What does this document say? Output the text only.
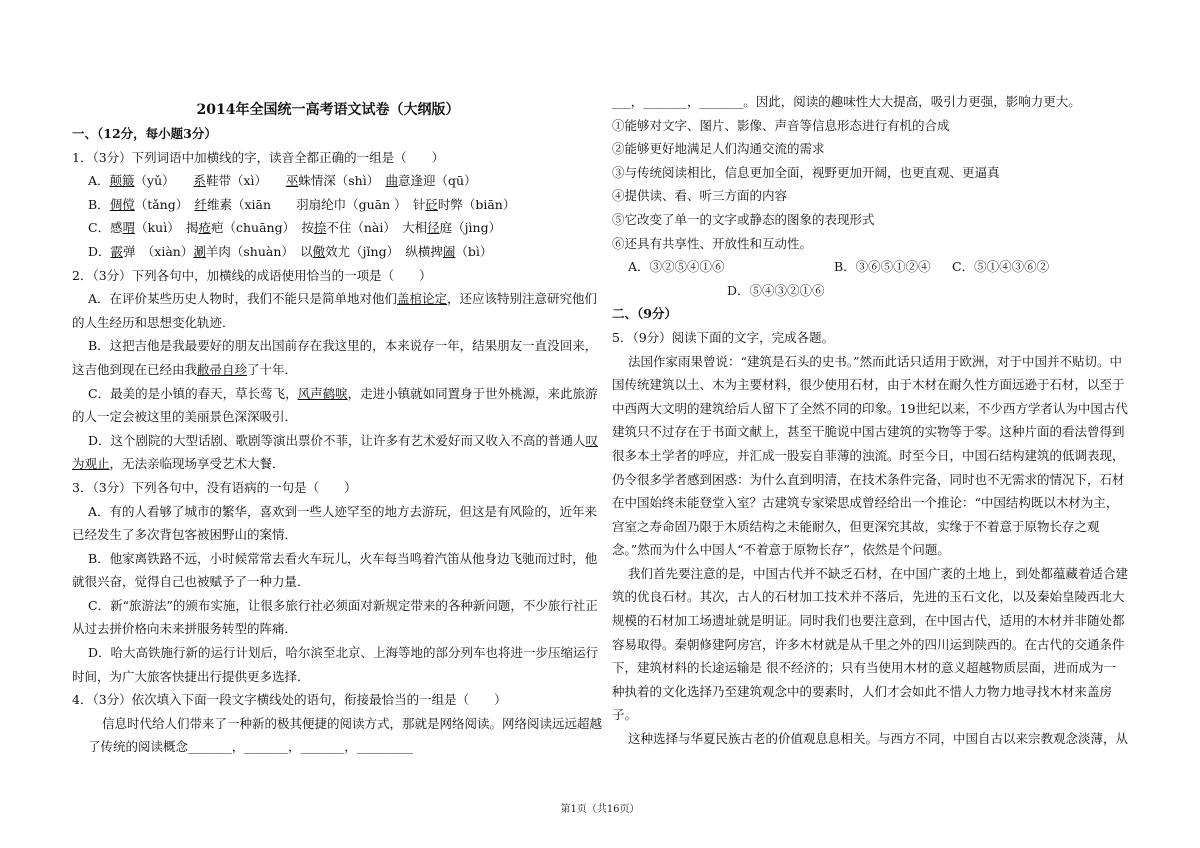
2014年全国统一高考语文试卷（大纲版）
一、（12分，每小题3分）
1．（3分）下列词语中加横线的字，读音全都正确的一组是（　　）
A．颠簸（yǔ）　　系鞋带（xì）　　巫蛛情深（shì）　曲意逢迎（qū）
B．倜傥（tǎng）　纤维素（xiān　　羽扇纶巾（guān ）　针砭时弊（biān）
C．感喟（kuì）　揭疮疤（chuāng）　按捺不住（nài）　大相径庭（jìng）
D．霰弹　（xiàn）涮羊肉（shuàn）　以儆效尤（jǐng）　纵横捭阖（bì）
2．（3分）下列各句中，加横线的成语使用恰当的一项是（　　）
A．在评价某些历史人物时，我们不能只是简单地对他们盖棺论定，还应该特别注意研究他们
的人生经历和思想变化轨迹．
B．这把吉他是我最要好的朋友出国前存在我这里的，本来说存一年，结果朋友一直没回来，
这吉他到现在已经由我敝帚自珍了十年．
C．最美的是小镇的春天，草长莺飞，风声鹤唳，走进小镇就如同置身于世外桃源，来此旅游
的人一定会被这里的美丽景色深深吸引．
D．这个剧院的大型话剧、歌剧等演出票价不菲，让许多有艺术爱好而又收入不高的普通人叹
为观止，无法亲临现场享受艺术大餐．
3．（3分）下列各句中，没有语病的一句是（　　）
A．有的人看够了城市的繁华，喜欢到一些人迹罕至的地方去游玩，但这是有风险的，近年来
已经发生了多次背包客被困野山的案情．
B．他家离铁路不远，小时候常常去看火车玩儿，火车每当鸣着汽笛从他身边飞驰而过时，他
就很兴奋，觉得自己也被赋予了一种力量．
C．新“旅游法”的颁布实施，让很多旅行社必须面对新规定带来的各种新问题，不少旅行社正
从过去拼价格向未来拼服务转型的阵痛．
D．哈大高铁施行新的运行计划后，哈尔滨至北京、上海等地的部分列车也将进一步压缩运行
时间，为广大旅客快捷出行提供更多选择．
4．（3分）依次填入下面一段文字横线处的语句，衔接最恰当的一组是（　　）
信息时代给人们带来了一种新的极其便捷的阅读方式，那就是网络阅读。网络阅读远远超越
了传统的阅读概念_______，_______，_______，_________
___，_______，_______。因此，阅读的趣味性大大提高，吸引力更强，影响力更大。
①能够对文字、图片、影像、声音等信息形态进行有机的合成
②能够更好地满足人们沟通交流的需求
③与传统阅读相比，信息更加全面，视野更加开阔，也更直观、更逼真
④提供读、看、听三方面的内容
⑤它改变了单一的文字或静态的图象的表现形式
⑥还具有共享性、开放性和互动性。
A．③②⑤④①⑥	B．③⑥⑤①②④ C．⑤①④③⑥②
D．⑤④③②①⑥
二、（9分）
5．（9分）阅读下面的文字，完成各题。
法国作家雨果曾说：“建筑是石头的史书。”然而此话只适用于欧洲，对于中国并不贴切。中
国传统建筑以土、木为主要材料，很少使用石材，由于木材在耐久性方面远逊于石材，以至于
中西两大文明的建筑给后人留下了全然不同的印象。19世纪以来，不少西方学者认为中国古代
建筑只不过存在于书面文献上，甚至干脆说中国古建筑的实物等于零。这种片面的看法曾得到
很多本土学者的呼应，并汇成一股妄自菲薄的浊流。时至今日，中国石结构建筑的低调表现，
仍令很多学者感到困惑：为什么直到明清，在技术条件完备，同时也不无需求的情况下，石材
在中国始终未能登堂入室？古建筑专家梁思成曾经给出一个推论：“中国结构既以木材为主，
宫室之寿命固乃限于木质结构之未能耐久，但更深究其故，实缘于不着意于原物长存之观
念。”然而为什么中国人“不着意于原物长存”，依然是个问题。
我们首先要注意的是，中国古代并不缺乏石材，在中国广袤的土地上，到处都蕴藏着适合建
筑的优良石材。其次，古人的石材加工技术并不落后，先进的玉石文化，以及秦始皇陵西北大
规模的石材加工场遗址就是明证。同时我们也要注意到，在中国古代，适用的木材并非随处都
容易取得。秦朝修建阿房宫，许多木材就是从千里之外的四川运到陕西的。在古代的交通条件
下，建筑材料的长途运输是 很不经济的；只有当使用木材的意义超越物质层面，进而成为一
种执着的文化选择乃至建筑观念中的要素时，人们才会如此不惜人力物力地寻找木材来盖房
子。
这种选择与华夏民族古老的价值观息息相关。与西方不同，中国自古以来宗教观念淡薄，从
第1页（共16页）
